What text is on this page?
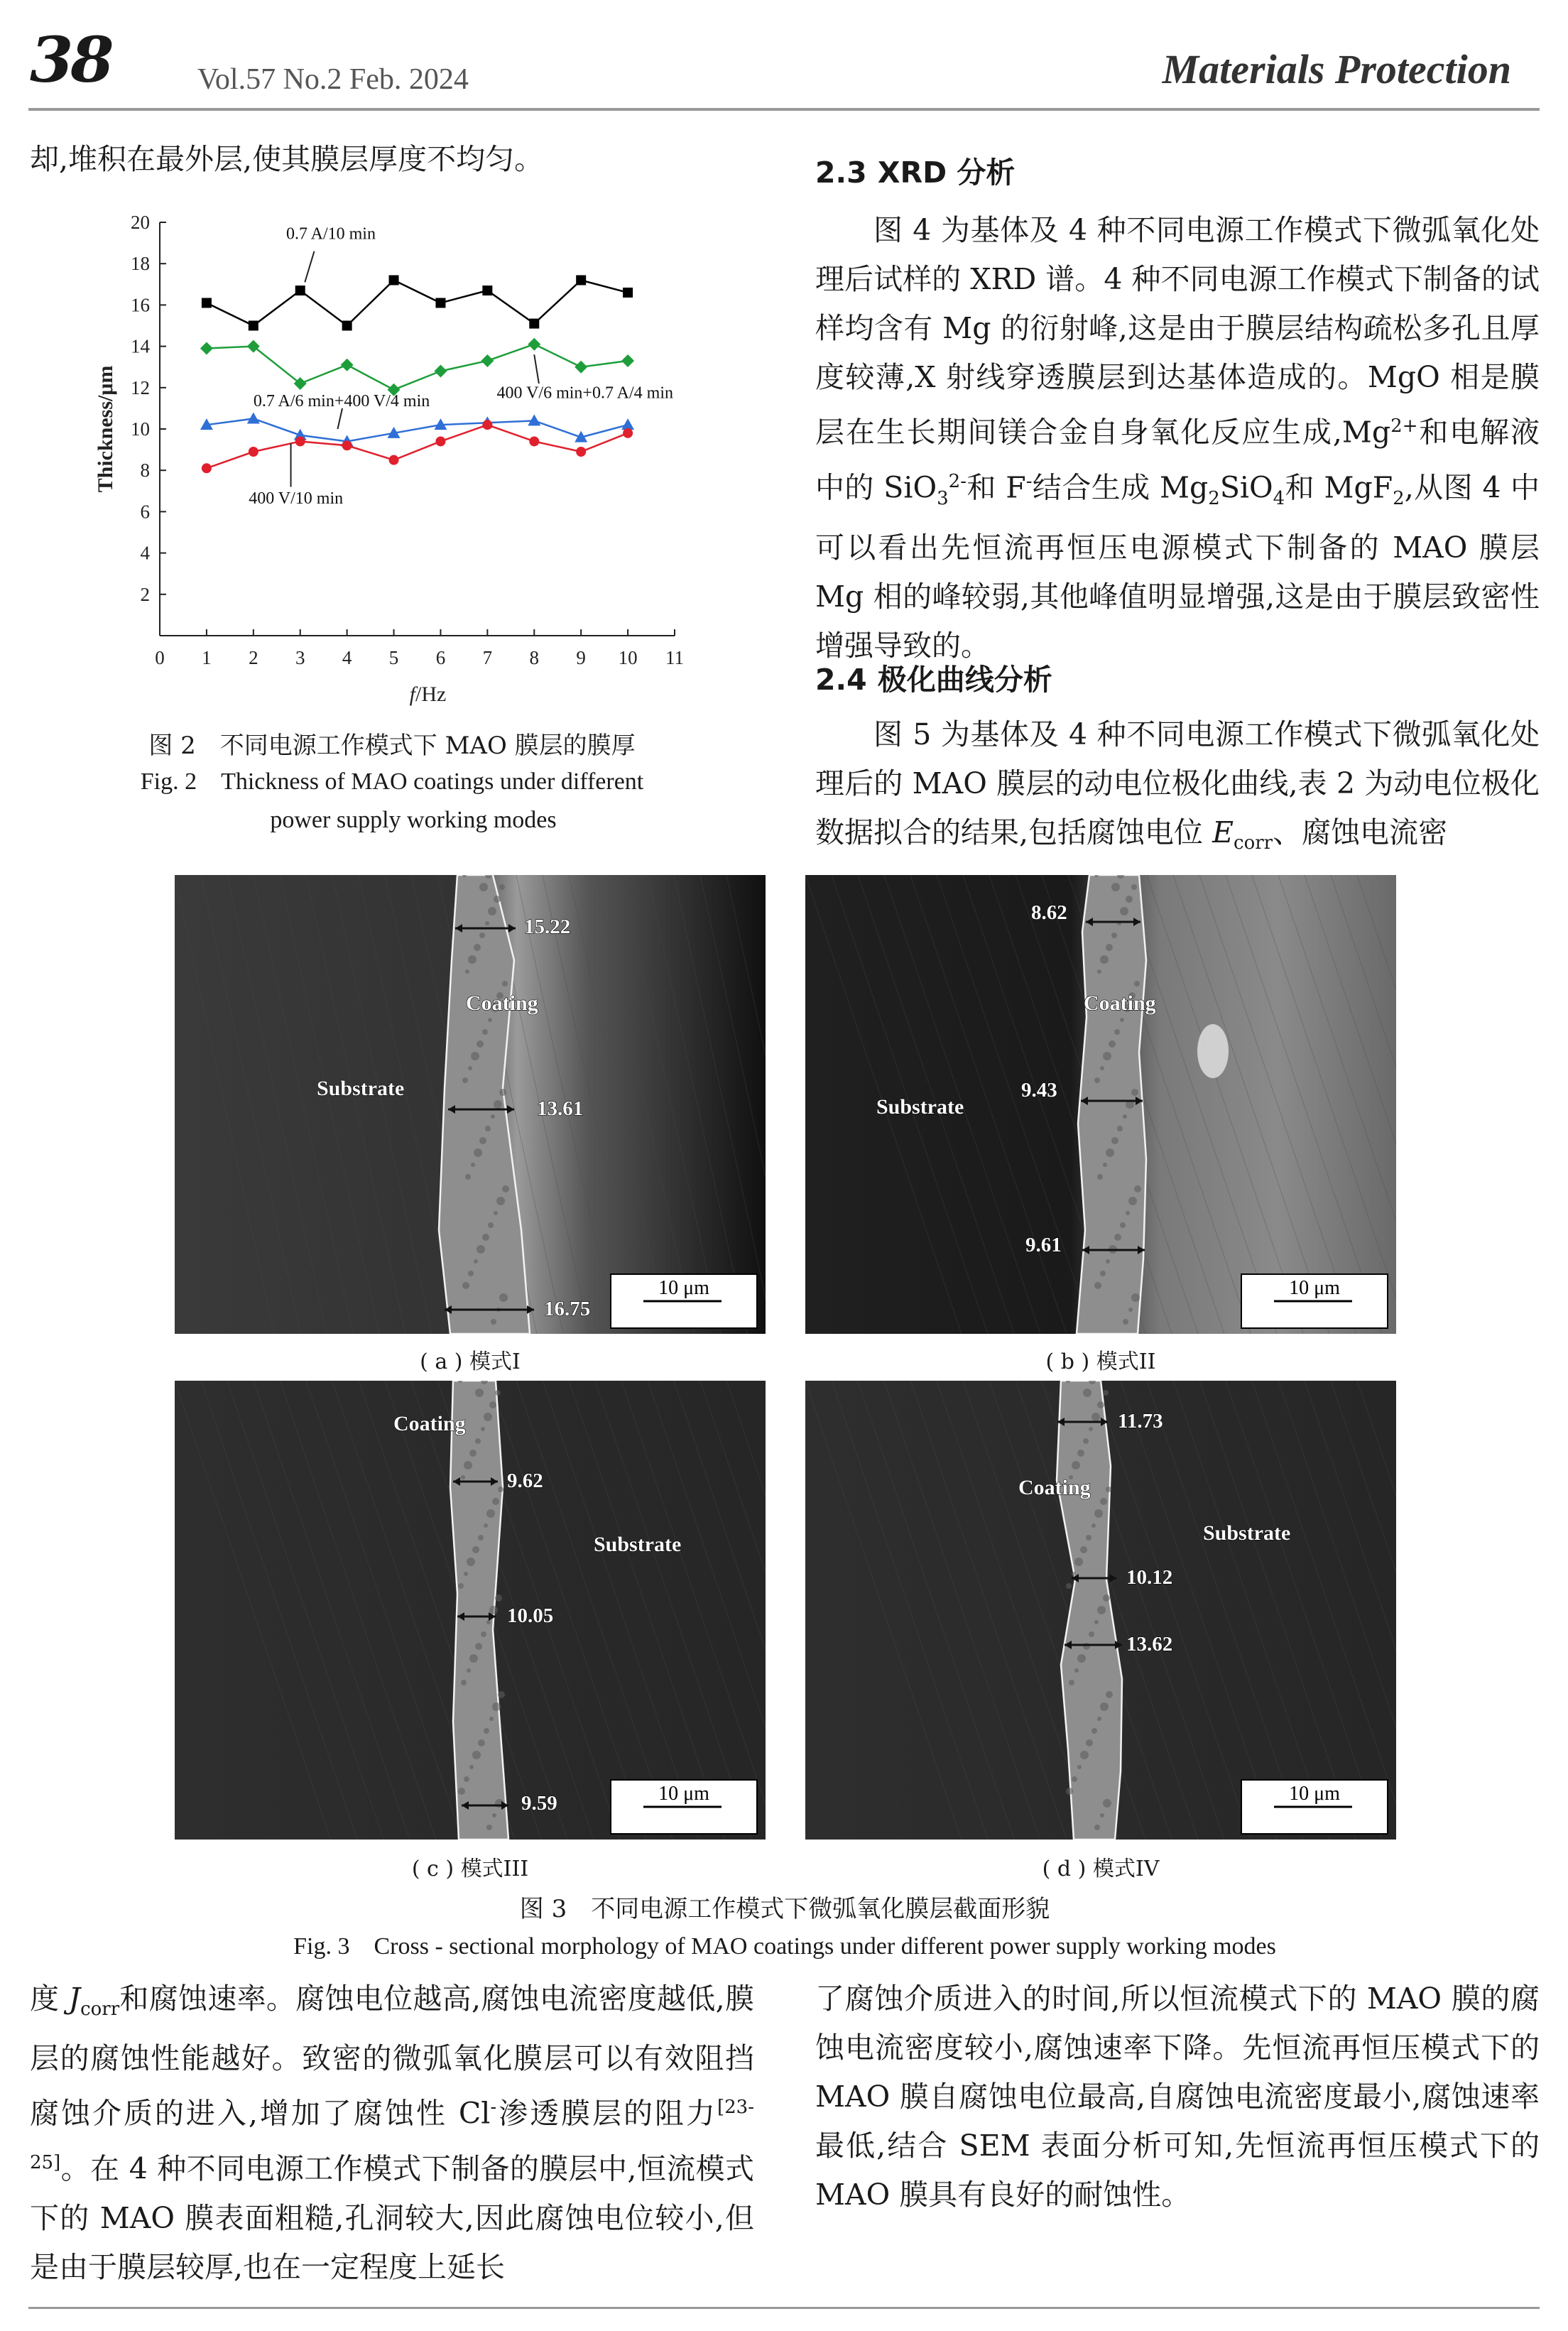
38	Vol.57 No.2 Feb. 2024	Materials Protection
却,堆积在最外层,使其膜层厚度不均匀。
2
4
6
8
10
12
14
16
18
20
0 1 2 3 4 5 6 7 8 9 10 11
Thickness/μm
f/Hz
0.7 A/10 min
400 V/6 min+0.7 A/4 min
0.7 A/6 min+400 V/4 min
400 V/10 min
图 2　不同电源工作模式下 MAO 膜层的膜厚
Fig. 2　Thickness of MAO coatings under different
power supply working modes
2.3 XRD 分析
图 4 为基体及 4 种不同电源工作模式下微弧氧化处理后试样的 XRD 谱。4 种不同电源工作模式下制备的试样均含有 Mg 的衍射峰,这是由于膜层结构疏松多孔且厚度较薄,X 射线穿透膜层到达基体造成的。MgO 相是膜层在生长期间镁合金自身氧化反应生成$,Mg^{2+}$和电解液中的 SiO$_3^{2-}$和 F-结合生成 $Mg_2SiO_4$和 MgF$_2$,从图 4 中可以看出先恒流再恒压电源模式下制备的 MAO 膜层 Mg 相的峰较弱,其他峰值明显增强,这是由于膜层致密性增强导致的。
2.4 极化曲线分析
图 5 为基体及 4 种不同电源工作模式下微弧氧化处理后的 MAO 膜层的动电位极化曲线,表 2 为动电位极化数据拟合的结果,包括腐蚀电位 $E_{corr}$、腐蚀电流密
Coating
Substrate
15.22
13.61
16.75
10 μm
Coating
Substrate
8.62
9.43
9.61
10 μm
Coating
Substrate
9.62
10.05
9.59	10 μm
Coating
Substrate
11.73
10.12
13.62
10 μm
( a ) 模式I	( b ) 模式II
( c ) 模式III	( d ) 模式IV
图 3　不同电源工作模式下微弧氧化膜层截面形貌
Fig. 3　Cross - sectional morphology of MAO coatings under different power supply working modes
度 $J_{corr}$和腐蚀速率。腐蚀电位越高,腐蚀电流密度越低,膜层的腐蚀性能越好。致密的微弧氧化膜层可以有效阻挡腐蚀介质的进入,增加了腐蚀性 Cl-渗透膜层的阻力[23-25]。在 4 种不同电源工作模式下制备的膜层中,恒流模式下的 MAO 膜表面粗糙,孔洞较大,因此腐蚀电位较小,但是由于膜层较厚,也在一定程度上延长
了腐蚀介质进入的时间,所以恒流模式下的 MAO 膜的腐蚀电流密度较小,腐蚀速率下降。先恒流再恒压模式下的 MAO 膜自腐蚀电位最高,自腐蚀电流密度最小,腐蚀速率最低,结合 SEM 表面分析可知,先恒流再恒压模式下的 MAO 膜具有良好的耐蚀性。
